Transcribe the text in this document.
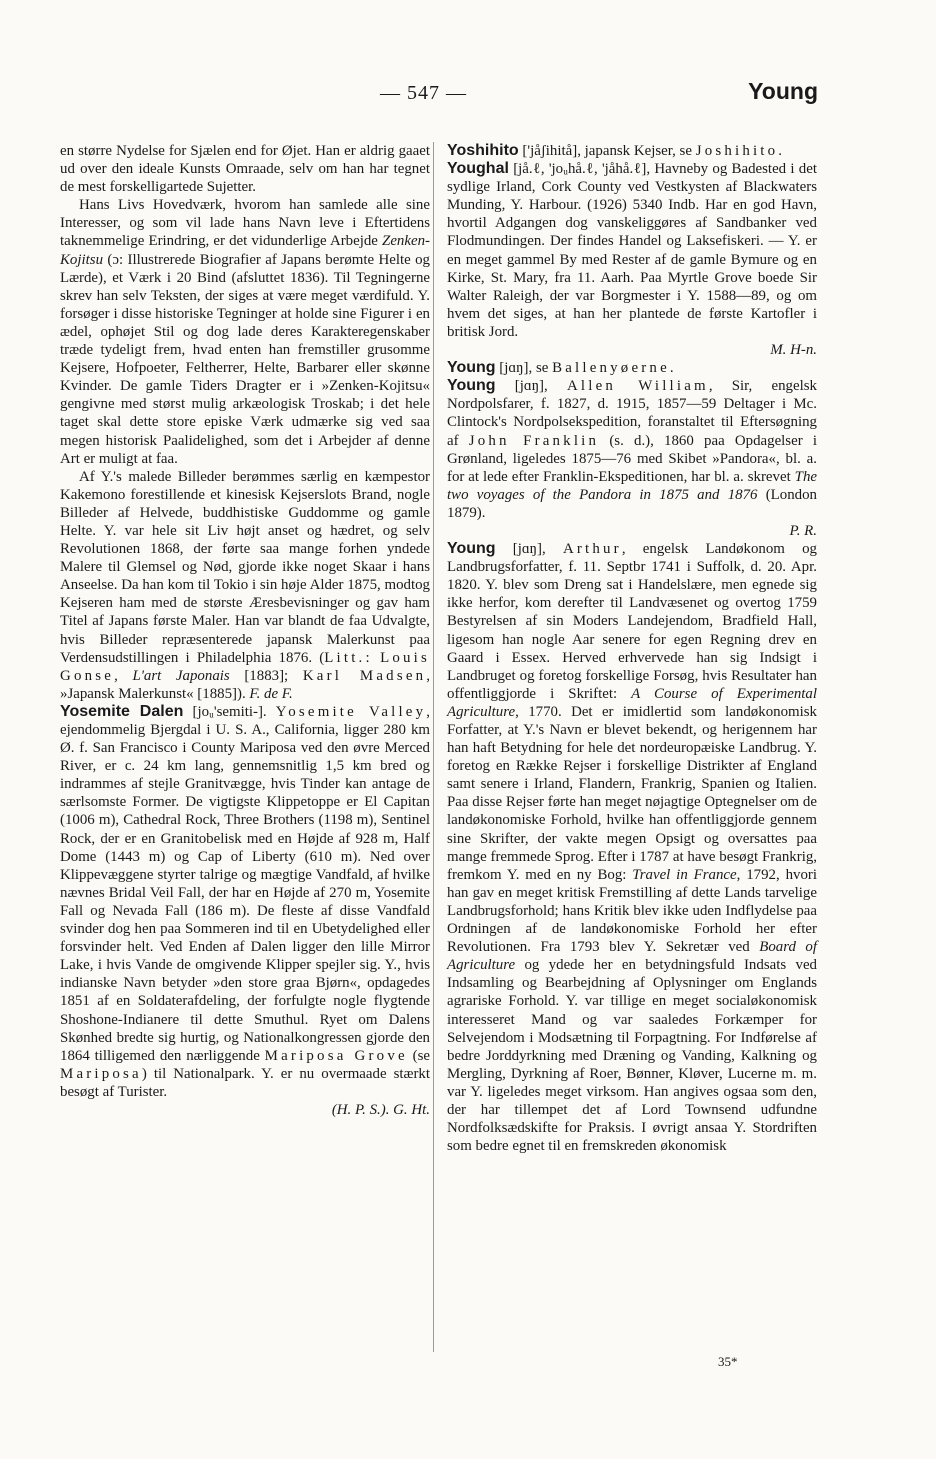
— 547 —	Young

en større Nydelse for Sjælen end for Øjet. Han er aldrig gaaet ud over den ideale Kunsts Omraade, selv om han har tegnet de mest forskelligartede Sujetter.

Hans Livs Hovedværk, hvorom han samlede alle sine Interesser, og som vil lade hans Navn leve i Eftertidens taknemmelige Erindring, er det vidunderlige Arbejde Zenken-Kojitsu (ɔ: Illustrerede Biografier af Japans berømte Helte og Lærde), et Værk i 20 Bind (afsluttet 1836). Til Tegningerne skrev han selv Teksten, der siges at være meget værdifuld. Y. forsøger i disse historiske Tegninger at holde sine Figurer i en ædel, ophøjet Stil og dog lade deres Karakteregenskaber træde tydeligt frem, hvad enten han fremstiller grusomme Kejsere, Hofpoeter, Feltherrer, Helte, Barbarer eller skønne Kvinder. De gamle Tiders Dragter er i »Zenken-Kojitsu« gengivne med størst mulig arkæologisk Troskab; i det hele taget skal dette store episke Værk udmærke sig ved saa megen historisk Paalidelighed, som det i Arbejder af denne Art er muligt at faa.

Af Y.'s malede Billeder berømmes særlig en kæmpestor Kakemono forestillende et kinesisk Kejserslots Brand, nogle Billeder af Helvede, buddhistiske Guddomme og gamle Helte. Y. var hele sit Liv højt anset og hædret, og selv Revolutionen 1868, der førte saa mange forhen yndede Malere til Glemsel og Nød, gjorde ikke noget Skaar i hans Anseelse. Da han kom til Tokio i sin høje Alder 1875, modtog Kejseren ham med de største Æresbevisninger og gav ham Titel af Japans første Maler. Han var blandt de faa Udvalgte, hvis Billeder repræsenterede japansk Malerkunst paa Verdensudstillingen i Philadelphia 1876. (Litt.: Louis Gonse, L'art Japonais [1883]; Karl Madsen, »Japansk Malerkunst« [1885]). F. de F.

Yosemite Dalen [joᵤ'semiti-]. Yosemite Valley, ejendommelig Bjergdal i U. S. A., California, ligger 280 km Ø. f. San Francisco i County Mariposa ved den øvre Merced River, er c. 24 km lang, gennemsnitlig 1,5 km bred og indrammes af stejle Granitvægge, hvis Tinder kan antage de særlsomste Former. De vigtigste Klippetoppe er El Capitan (1006 m), Cathedral Rock, Three Brothers (1198 m), Sentinel Rock, der er en Granitobelisk med en Højde af 928 m, Half Dome (1443 m) og Cap of Liberty (610 m). Ned over Klippevæggene styrter talrige og mægtige Vandfald, af hvilke nævnes Bridal Veil Fall, der har en Højde af 270 m, Yosemite Fall og Nevada Fall (186 m). De fleste af disse Vandfald svinder dog hen paa Sommeren ind til en Ubetydelighed eller forsvinder helt. Ved Enden af Dalen ligger den lille Mirror Lake, i hvis Vande de omgivende Klipper spejler sig. Y., hvis indianske Navn betyder »den store graa Bjørn«, opdagedes 1851 af en Soldaterafdeling, der forfulgte nogle flygtende Shoshone-Indianere til dette Smuthul. Ryet om Dalens Skønhed bredte sig hurtig, og Nationalkongressen gjorde den 1864 tilligemed den nærliggende Mariposa Grove (se Mariposa) til Nationalpark. Y. er nu overmaade stærkt besøgt af Turister.

(H. P. S.). G. Ht.

Yoshihito ['jåʃihitå], japansk Kejser, se Joshihito.

Youghal [jå.ℓ, 'joᵤhå.ℓ, 'jåhå.ℓ], Havneby og Badested i det sydlige Irland, Cork County ved Vestkysten af Blackwaters Munding, Y. Harbour. (1926) 5340 Indb. Har en god Havn, hvortil Adgangen dog vanskeliggøres af Sandbanker ved Flodmundingen. Der findes Handel og Laksefiskeri. — Y. er en meget gammel By med Rester af de gamle Bymure og en Kirke, St. Mary, fra 11. Aarh. Paa Myrtle Grove boede Sir Walter Raleigh, der var Borgmester i Y. 1588—89, og om hvem det siges, at han her plantede de første Kartofler i britisk Jord.

M. H-n.

Young [jɑŋ], se Ballenyøerne.

Young [jɑŋ], Allen William, Sir, engelsk Nordpolsfarer, f. 1827, d. 1915, 1857—59 Deltager i Mc. Clintock's Nordpolsekspedition, foranstaltet til Eftersøgning af John Franklin (s. d.), 1860 paa Opdagelser i Grønland, ligeledes 1875—76 med Skibet »Pandora«, bl. a. for at lede efter Franklin-Ekspeditionen, har bl. a. skrevet The two voyages of the Pandora in 1875 and 1876 (London 1879).

P. R.

Young [jɑŋ], Arthur, engelsk Landøkonom og Landbrugsforfatter, f. 11. Septbr 1741 i Suffolk, d. 20. Apr. 1820. Y. blev som Dreng sat i Handelslære, men egnede sig ikke herfor, kom derefter til Landvæsenet og overtog 1759 Bestyrelsen af sin Moders Landejendom, Bradfield Hall, ligesom han nogle Aar senere for egen Regning drev en Gaard i Essex. Herved erhvervede han sig Indsigt i Landbruget og foretog forskellige Forsøg, hvis Resultater han offentliggjorde i Skriftet: A Course of Experimental Agriculture, 1770. Det er imidlertid som landøkonomisk Forfatter, at Y.'s Navn er blevet bekendt, og herigennem har han haft Betydning for hele det nordeuropæiske Landbrug. Y. foretog en Række Rejser i forskellige Distrikter af England samt senere i Irland, Flandern, Frankrig, Spanien og Italien. Paa disse Rejser førte han meget nøjagtige Optegnelser om de landøkonomiske Forhold, hvilke han offentliggjorde gennem sine Skrifter, der vakte megen Opsigt og oversattes paa mange fremmede Sprog. Efter i 1787 at have besøgt Frankrig, fremkom Y. med en ny Bog: Travel in France, 1792, hvori han gav en meget kritisk Fremstilling af dette Lands tarvelige Landbrugsforhold; hans Kritik blev ikke uden Indflydelse paa Ordningen af de landøkonomiske Forhold her efter Revolutionen. Fra 1793 blev Y. Sekretær ved Board of Agriculture og ydede her en betydningsfuld Indsats ved Indsamling og Bearbejdning af Oplysninger om Englands agrariske Forhold. Y. var tillige en meget socialøkonomisk interesseret Mand og var saaledes Forkæmper for Selvejendom i Modsætning til Forpagtning. For Indførelse af bedre Jorddyrkning med Dræning og Vanding, Kalkning og Mergling, Dyrkning af Roer, Bønner, Kløver, Lucerne m. m. var Y. ligeledes meget virksom. Han angives ogsaa som den, der har tillempet det af Lord Townsend udfundne Nordfolksædskifte for Praksis. I øvrigt ansaa Y. Stordriften som bedre egnet til en fremskreden økonomisk

35*
